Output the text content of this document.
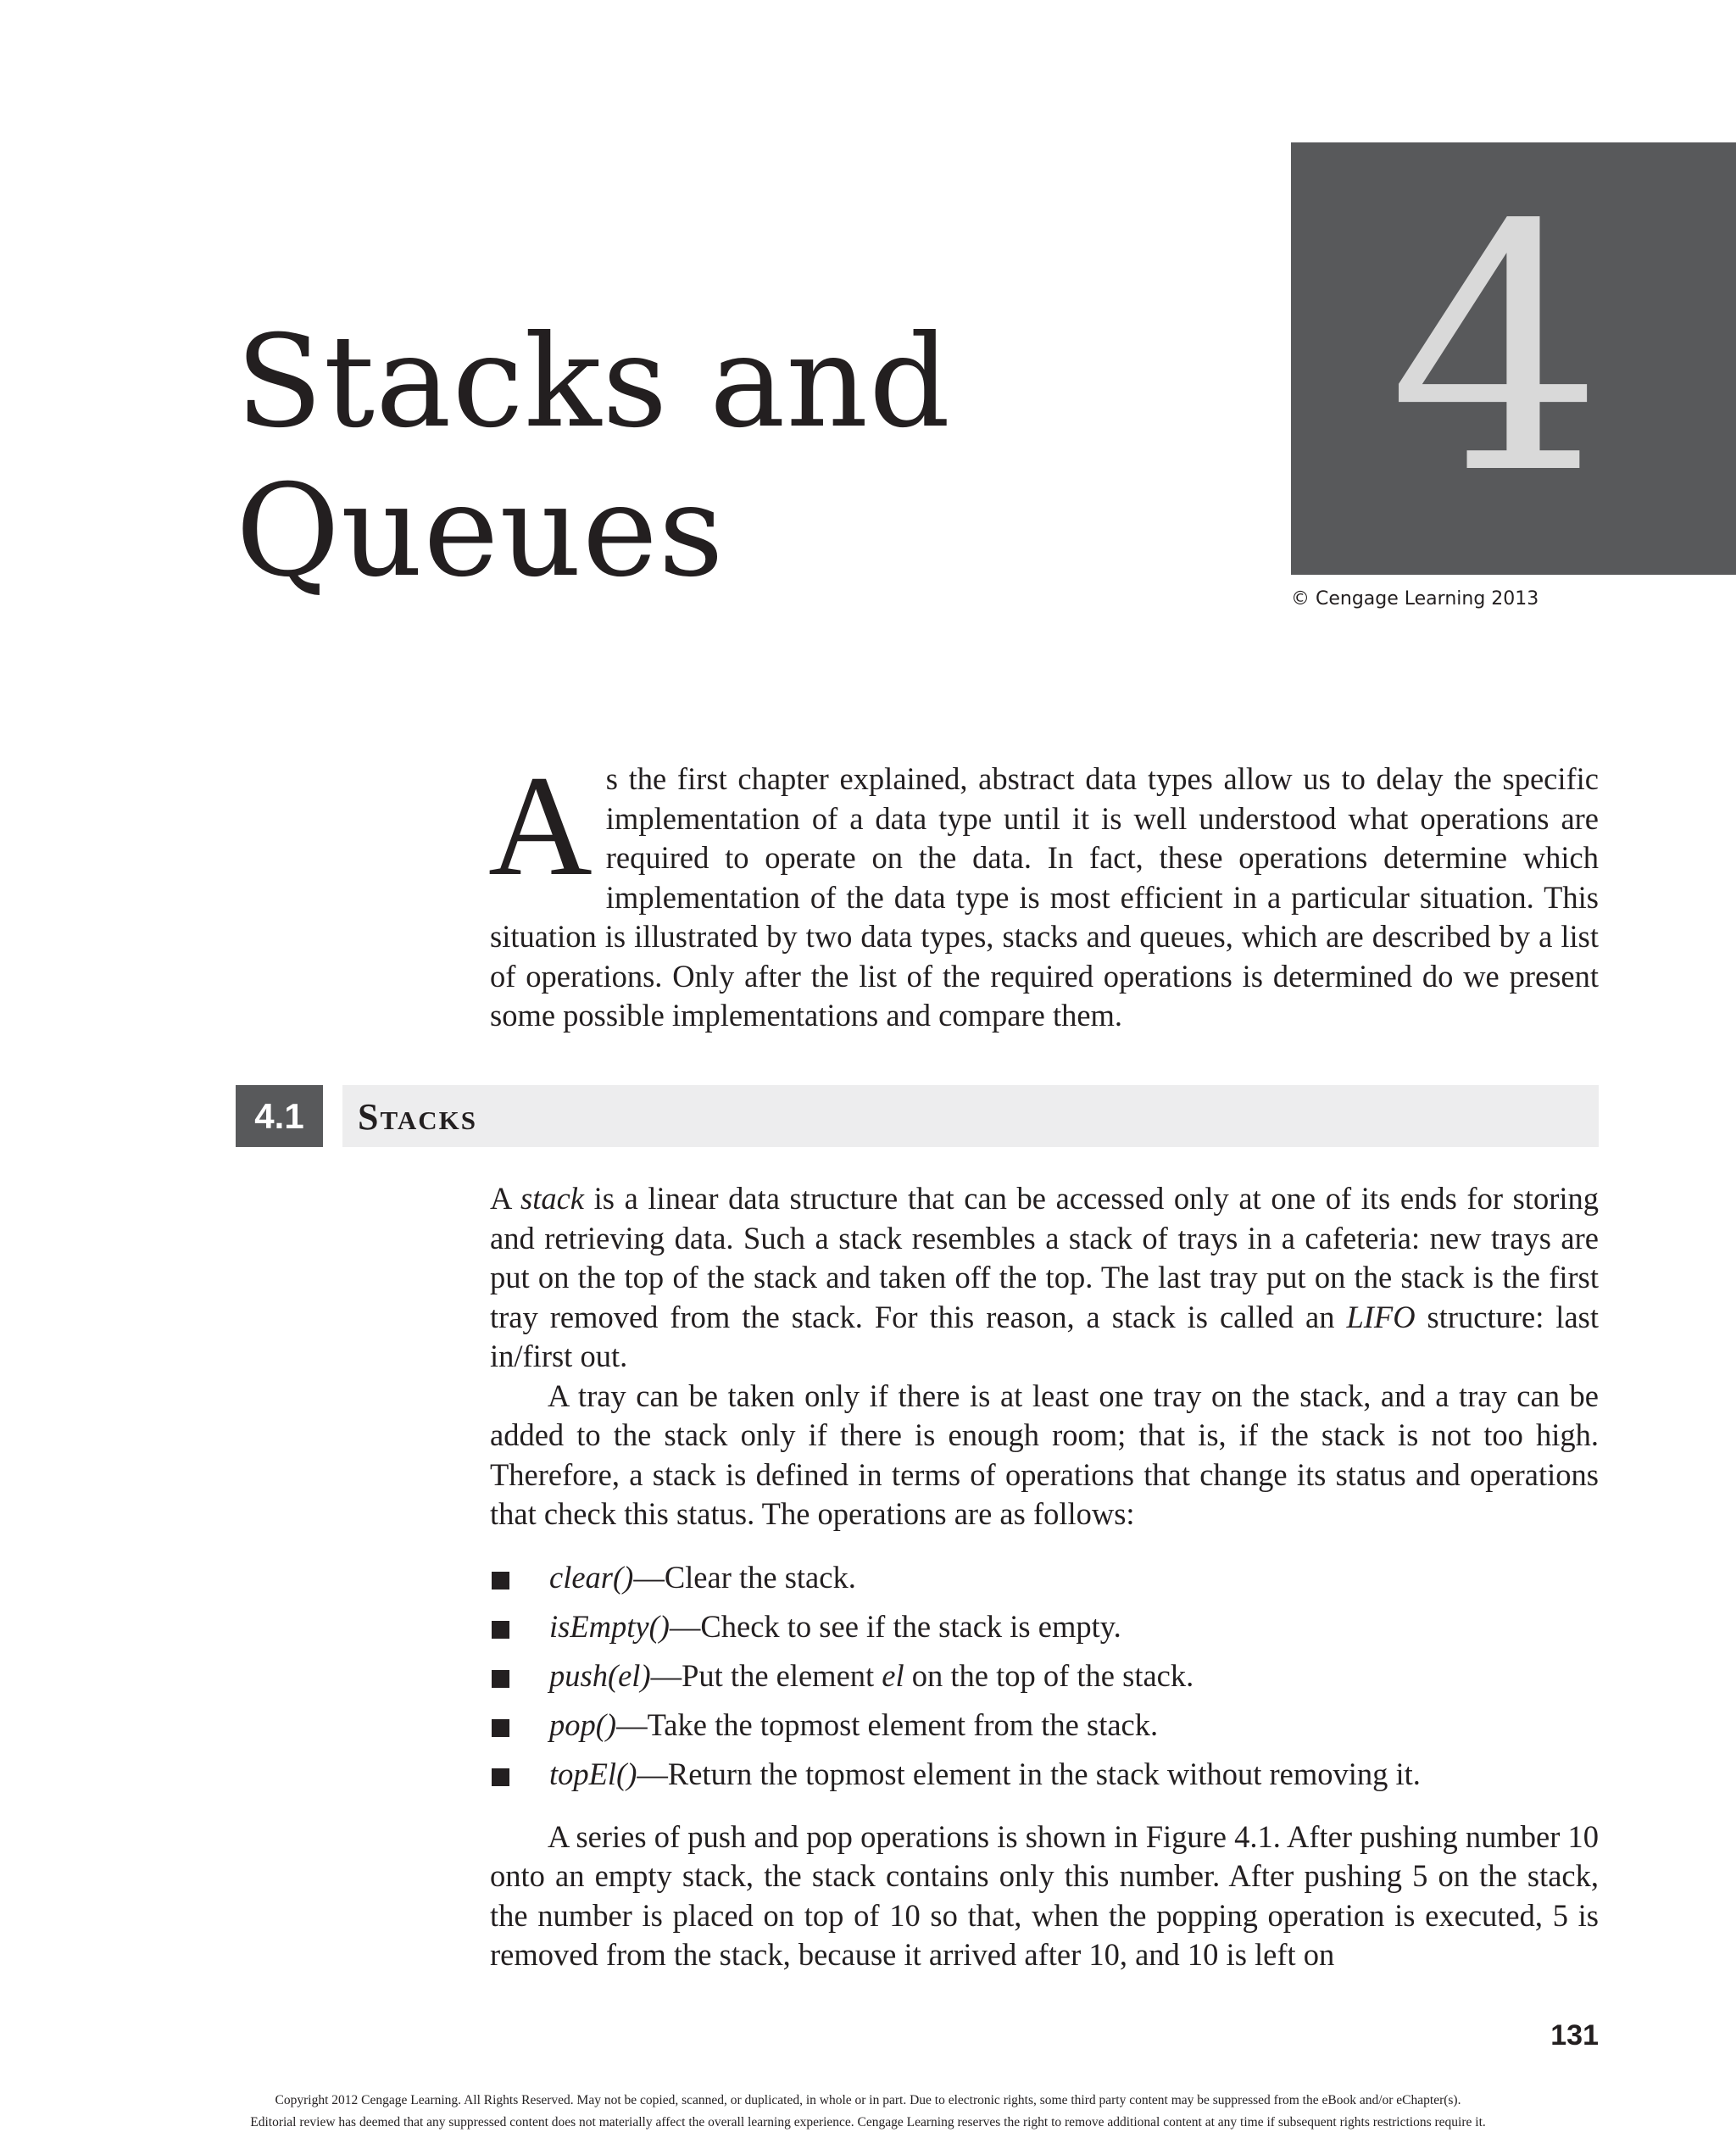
Stacks and
Queues	4
© Cengage Learning 2013
A s the first chapter explained, abstract data types allow us to delay the specific implementation of a data type until it is well understood what operations are required to operate on the data. In fact, these operations determine which implementation of the data type is most efficient in a particular situation. This situation is illustrated by two data types, stacks and queues, which are described by a list of operations. Only after the list of the required operations is determined do we present some possible implementations and compare them.
4.1	Stacks

A stack is a linear data structure that can be accessed only at one of its ends for storing and retrieving data. Such a stack resembles a stack of trays in a cafeteria: new trays are put on the top of the stack and taken off the top. The last tray put on the stack is the first tray removed from the stack. For this reason, a stack is called an LIFO structure: last in/first out.

A tray can be taken only if there is at least one tray on the stack, and a tray can be added to the stack only if there is enough room; that is, if the stack is not too high. Therefore, a stack is defined in terms of operations that change its status and operations that check this status. The operations are as follows:

clear()—Clear the stack.
isEmpty()—Check to see if the stack is empty.
push(el)—Put the element el on the top of the stack.
pop()—Take the topmost element from the stack.
topEl()—Return the topmost element in the stack without removing it.

A series of push and pop operations is shown in Figure 4.1. After pushing number 10 onto an empty stack, the stack contains only this number. After pushing 5 on the stack, the number is placed on top of 10 so that, when the popping operation is executed, 5 is removed from the stack, because it arrived after 10, and 10 is left on

131
Copyright 2012 Cengage Learning. All Rights Reserved. May not be copied, scanned, or duplicated, in whole or in part. Due to electronic rights, some third party content may be suppressed from the eBook and/or eChapter(s).
Editorial review has deemed that any suppressed content does not materially affect the overall learning experience. Cengage Learning reserves the right to remove additional content at any time if subsequent rights restrictions require it.
